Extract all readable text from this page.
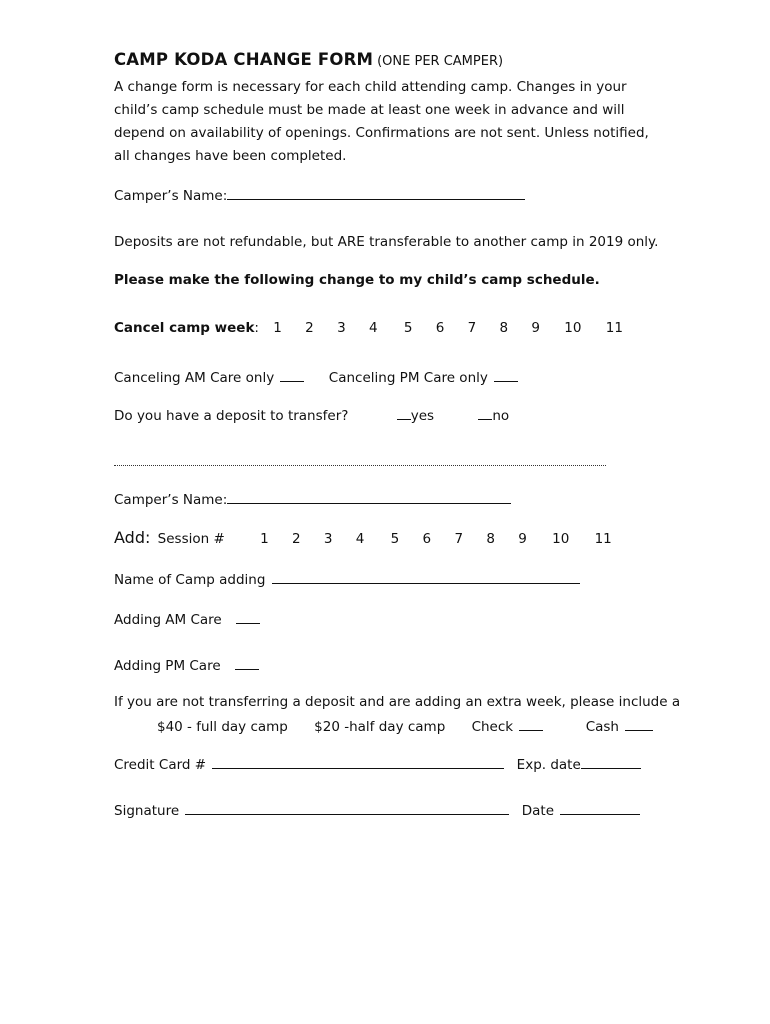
CAMP KODA CHANGE FORM (ONE PER CAMPER)
A change form is necessary for each child attending camp. Changes in your child’s camp schedule must be made at least one week in advance and will depend on availability of openings. Confirmations are not sent. Unless notified, all changes have been completed.
Camper’s Name:
Deposits are not refundable, but ARE transferable to another camp in 2019 only.
Please make the following change to my child’s camp schedule.
Cancel camp week: 1 2 3 4 5 6 7 8 9 10 11
Canceling AM Care only	Canceling PM Care only
Do you have a deposit to transfer?	yes	no
Camper’s Name:
Add: Session #	1 2 3 4 5 6 7 8 9 10 11
Name of Camp adding
Adding AM Care
Adding PM Care
If you are not transferring a deposit and are adding an extra week, please include a
$40 - full day camp $20 -half day camp Check	Cash
Credit Card #	Exp. date
Signature	Date
